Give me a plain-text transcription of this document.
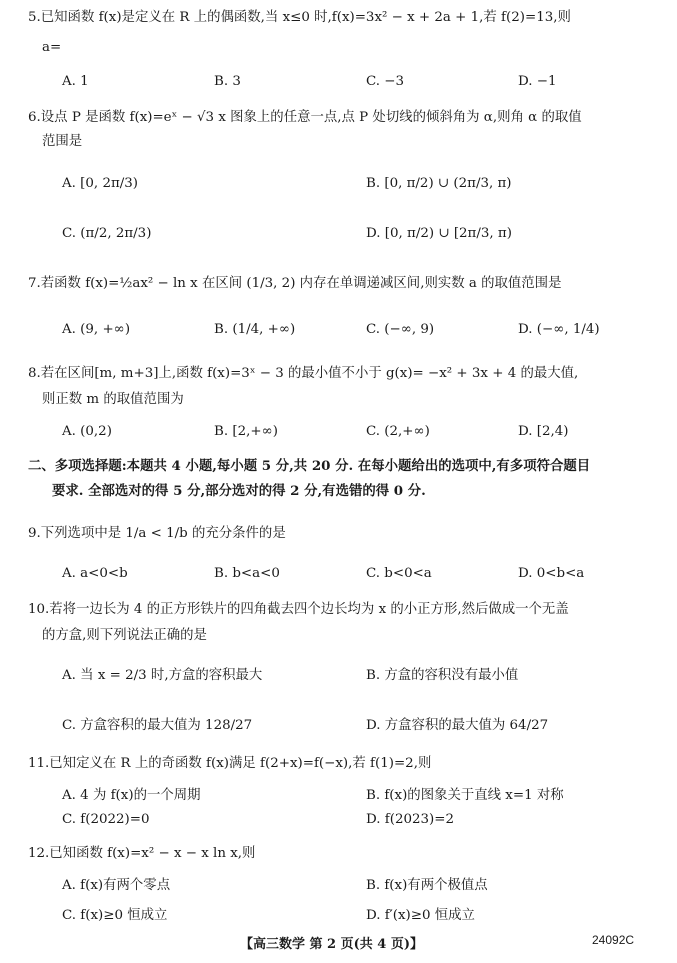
5.已知函数 f(x)是定义在 R 上的偶函数,当 x≤0 时,f(x)=3x² − x + 2a + 1,若 f(2)=13,则
a=
A. 1	B. 3	C. −3	D. −1
6.设点 P 是函数 f(x)=eˣ − √3 x 图象上的任意一点,点 P 处切线的倾斜角为 α,则角 α 的取值
范围是
A. [0, 2π/3)	B. [0, π/2) ∪ (2π/3, π)
C. (π/2, 2π/3)	D. [0, π/2) ∪ [2π/3, π)
7.若函数 f(x)=½ax² − ln x 在区间 (1/3, 2) 内存在单调递减区间,则实数 a 的取值范围是
A. (9, +∞)	B. (1/4, +∞)	C. (−∞, 9)	D. (−∞, 1/4)
8.若在区间[m, m+3]上,函数 f(x)=3ˣ − 3 的最小值不小于 g(x)= −x² + 3x + 4 的最大值,
则正数 m 的取值范围为
A. (0,2)	B. [2,+∞)	C. (2,+∞)	D. [2,4)
二、多项选择题:本题共 4 小题,每小题 5 分,共 20 分. 在每小题给出的选项中,有多项符合题目
要求. 全部选对的得 5 分,部分选对的得 2 分,有选错的得 0 分.
9.下列选项中是 1/a < 1/b 的充分条件的是
A. a<0<b	B. b<a<0	C. b<0<a	D. 0<b<a
10.若将一边长为 4 的正方形铁片的四角截去四个边长均为 x 的小正方形,然后做成一个无盖
的方盒,则下列说法正确的是
A. 当 x = 2/3 时,方盒的容积最大	B. 方盒的容积没有最小值
C. 方盒容积的最大值为 128/27	D. 方盒容积的最大值为 64/27
11.已知定义在 R 上的奇函数 f(x)满足 f(2+x)=f(−x),若 f(1)=2,则
A. 4 为 f(x)的一个周期	B. f(x)的图象关于直线 x=1 对称
C. f(2022)=0	D. f(2023)=2
12.已知函数 f(x)=x² − x − x ln x,则
A. f(x)有两个零点	B. f(x)有两个极值点
C. f(x)≥0 恒成立	D. f′(x)≥0 恒成立
【高三数学 第 2 页(共 4 页)】	24092C
